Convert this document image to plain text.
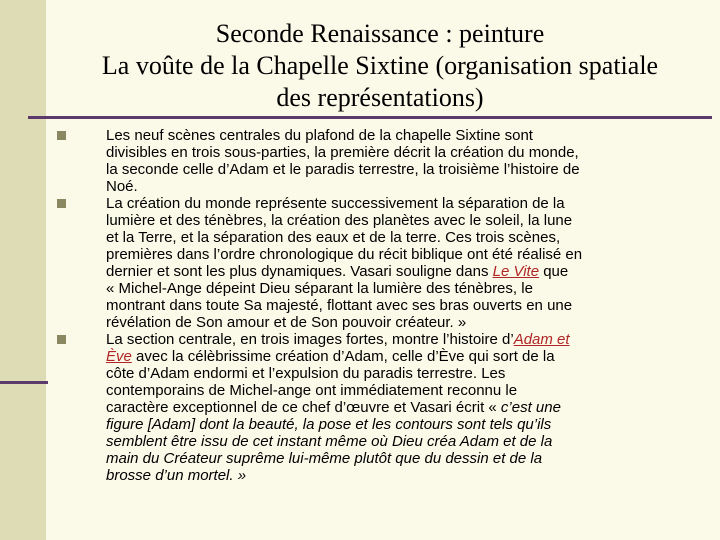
Seconde Renaissance : peinture
La voûte de la Chapelle Sixtine (organisation spatiale
des représentations)
Les neuf scènes centrales du plafond de la chapelle Sixtine sont
divisibles en trois sous-parties, la première décrit la création du monde,
la seconde celle d’Adam et le paradis terrestre, la troisième l’histoire de
Noé.
La création du monde représente successivement la séparation de la
lumière et des ténèbres, la création des planètes avec le soleil, la lune
et la Terre, et la séparation des eaux et de la terre. Ces trois scènes,
premières dans l’ordre chronologique du récit biblique ont été réalisé en
dernier et sont les plus dynamiques. Vasari souligne dans Le Vite que
« Michel-Ange dépeint Dieu séparant la lumière des ténèbres, le
montrant dans toute Sa majesté, flottant avec ses bras ouverts en une
révélation de Son amour et de Son pouvoir créateur. »
La section centrale, en trois images fortes, montre l’histoire d’Adam et
Ève avec la célèbrissime création d’Adam, celle d’Ève qui sort de la
côte d’Adam endormi et l’expulsion du paradis terrestre. Les
contemporains de Michel-ange ont immédiatement reconnu le
caractère exceptionnel de ce chef d’œuvre et Vasari écrit « c’est une
figure [Adam] dont la beauté, la pose et les contours sont tels qu’ils
semblent être issu de cet instant même où Dieu créa Adam et de la
main du Créateur suprême lui-même plutôt que du dessin et de la
brosse d’un mortel. »
